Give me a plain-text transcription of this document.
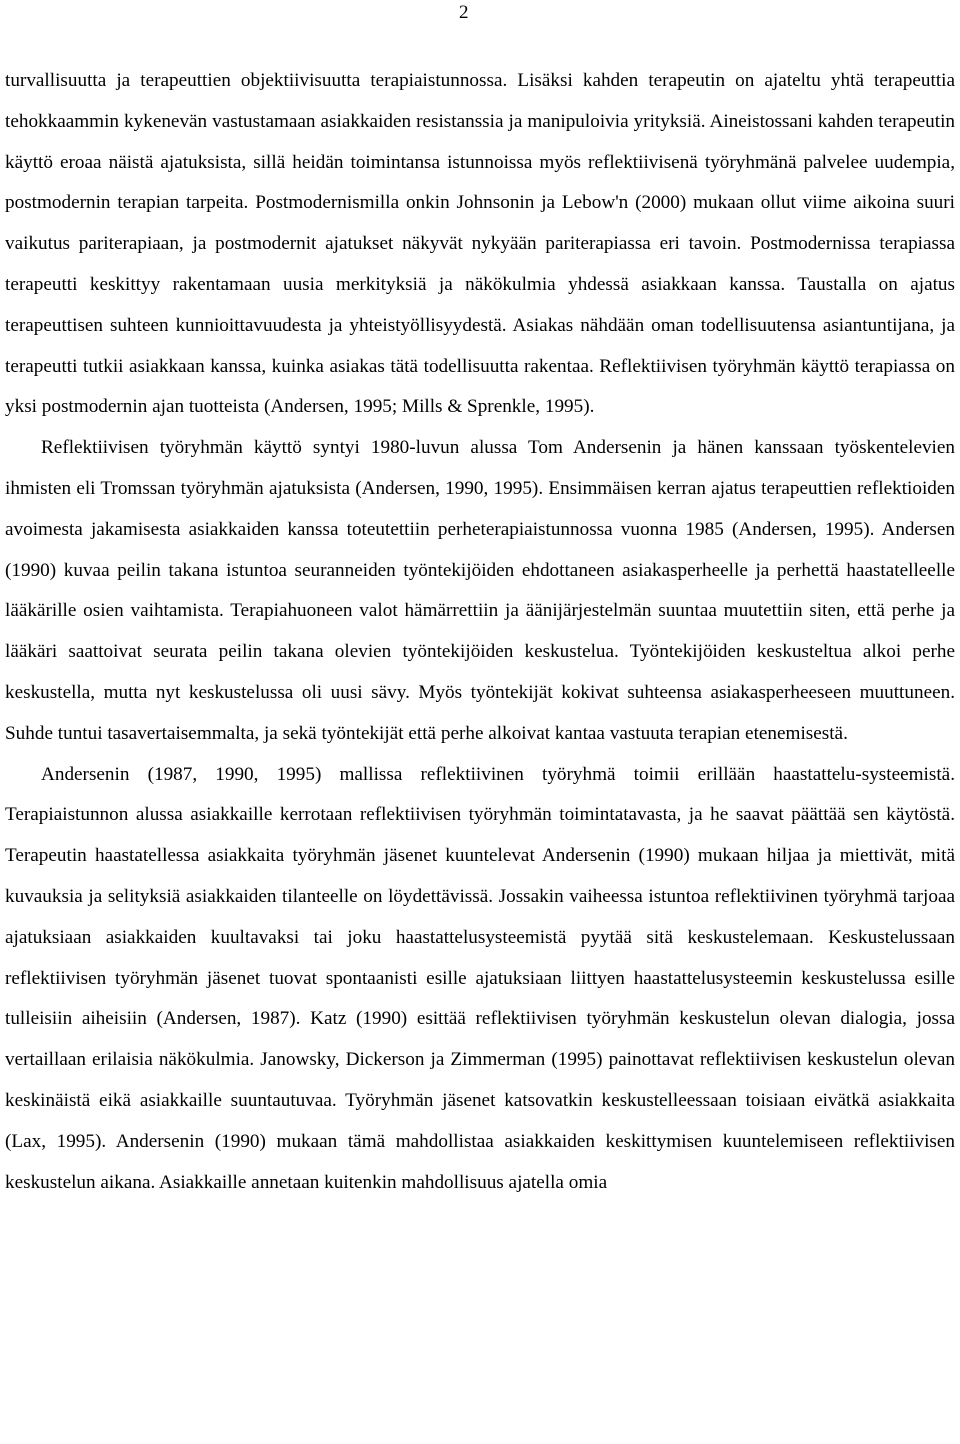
2

turvallisuutta ja terapeuttien objektiivisuutta terapiaistunnossa. Lisäksi kahden terapeutin on ajateltu yhtä terapeuttia tehokkaammin kykenevän vastustamaan asiakkaiden resistanssia ja manipuloivia yrityksiä. Aineistossani kahden terapeutin käyttö eroaa näistä ajatuksista, sillä heidän toimintansa istunnoissa myös reflektiivisenä työryhmänä palvelee uudempia, postmodernin terapian tarpeita. Postmodernismilla onkin Johnsonin ja Lebow'n (2000) mukaan ollut viime aikoina suuri vaikutus pariterapiaan, ja postmodernit ajatukset näkyvät nykyään pariterapiassa eri tavoin. Postmodernissa terapiassa terapeutti keskittyy rakentamaan uusia merkityksiä ja näkökulmia yhdessä asiakkaan kanssa. Taustalla on ajatus terapeuttisen suhteen kunnioittavuudesta ja yhteistyöllisyydestä. Asiakas nähdään oman todellisuutensa asiantuntijana, ja terapeutti tutkii asiakkaan kanssa, kuinka asiakas tätä todellisuutta rakentaa. Reflektiivisen työryhmän käyttö terapiassa on yksi postmodernin ajan tuotteista (Andersen, 1995; Mills & Sprenkle, 1995).

Reflektiivisen työryhmän käyttö syntyi 1980-luvun alussa Tom Andersenin ja hänen kanssaan työskentelevien ihmisten eli Tromssan työryhmän ajatuksista (Andersen, 1990, 1995). Ensimmäisen kerran ajatus terapeuttien reflektioiden avoimesta jakamisesta asiakkaiden kanssa toteutettiin perheterapiaistunnossa vuonna 1985 (Andersen, 1995). Andersen (1990) kuvaa peilin takana istuntoa seuranneiden työntekijöiden ehdottaneen asiakasperheelle ja perhettä haastatelleelle lääkärille osien vaihtamista. Terapiahuoneen valot hämärrettiin ja äänijärjestelmän suuntaa muutettiin siten, että perhe ja lääkäri saattoivat seurata peilin takana olevien työntekijöiden keskustelua. Työntekijöiden keskusteltua alkoi perhe keskustella, mutta nyt keskustelussa oli uusi sävy. Myös työntekijät kokivat suhteensa asiakasperheeseen muuttuneen. Suhde tuntui tasavertaisemmalta, ja sekä työntekijät että perhe alkoivat kantaa vastuuta terapian etenemisestä.

Andersenin (1987, 1990, 1995) mallissa reflektiivinen työryhmä toimii erillään haastattelu-systeemistä. Terapiaistunnon alussa asiakkaille kerrotaan reflektiivisen työryhmän toimintatavasta, ja he saavat päättää sen käytöstä. Terapeutin haastatellessa asiakkaita työryhmän jäsenet kuuntelevat Andersenin (1990) mukaan hiljaa ja miettivät, mitä kuvauksia ja selityksiä asiakkaiden tilanteelle on löydettävissä. Jossakin vaiheessa istuntoa reflektiivinen työryhmä tarjoaa ajatuksiaan asiakkaiden kuultavaksi tai joku haastattelusysteemistä pyytää sitä keskustelemaan. Keskustelussaan reflektiivisen työryhmän jäsenet tuovat spontaanisti esille ajatuksiaan liittyen haastattelusysteemin keskustelussa esille tulleisiin aiheisiin (Andersen, 1987). Katz (1990) esittää reflektiivisen työryhmän keskustelun olevan dialogia, jossa vertaillaan erilaisia näkökulmia. Janowsky, Dickerson ja Zimmerman (1995) painottavat reflektiivisen keskustelun olevan keskinäistä eikä asiakkaille suuntautuvaa. Työryhmän jäsenet katsovatkin keskustelleessaan toisiaan eivätkä asiakkaita (Lax, 1995). Andersenin (1990) mukaan tämä mahdollistaa asiakkaiden keskittymisen kuuntelemiseen reflektiivisen keskustelun aikana. Asiakkaille annetaan kuitenkin mahdollisuus ajatella omia
